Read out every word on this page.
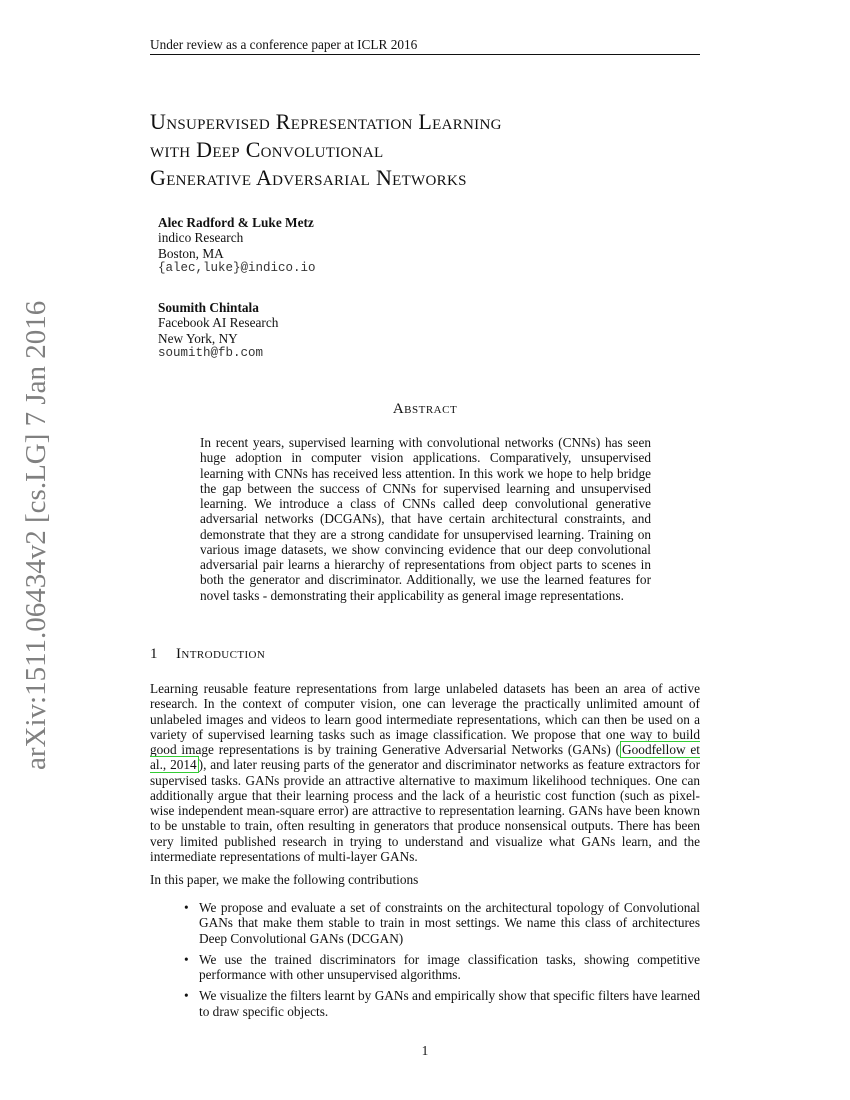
Under review as a conference paper at ICLR 2016
arXiv:1511.06434v2 [cs.LG] 7 Jan 2016
Unsupervised Representation Learning
with Deep Convolutional
Generative Adversarial Networks
Alec Radford & Luke Metz
indico Research
Boston, MA
{alec,luke}@indico.io
Soumith Chintala
Facebook AI Research
New York, NY
soumith@fb.com
Abstract
In recent years, supervised learning with convolutional networks (CNNs) has seen huge adoption in computer vision applications. Comparatively, unsupervised learning with CNNs has received less attention. In this work we hope to help bridge the gap between the success of CNNs for supervised learning and unsupervised learning. We introduce a class of CNNs called deep convolutional generative adversarial networks (DCGANs), that have certain architectural constraints, and demonstrate that they are a strong candidate for unsupervised learning. Training on various image datasets, we show convincing evidence that our deep convolutional adversarial pair learns a hierarchy of representations from object parts to scenes in both the generator and discriminator. Additionally, we use the learned features for novel tasks - demonstrating their applicability as general image representations.
1 Introduction
Learning reusable feature representations from large unlabeled datasets has been an area of active research. In the context of computer vision, one can leverage the practically unlimited amount of unlabeled images and videos to learn good intermediate representations, which can then be used on a variety of supervised learning tasks such as image classification. We propose that one way to build good image representations is by training Generative Adversarial Networks (GANs) ( Goodfellow et al., 2014 ), and later reusing parts of the generator and discriminator networks as feature extractors for supervised tasks. GANs provide an attractive alternative to maximum likelihood techniques. One can additionally argue that their learning process and the lack of a heuristic cost function (such as pixel-wise independent mean-square error) are attractive to representation learning. GANs have been known to be unstable to train, often resulting in generators that produce nonsensical outputs. There has been very limited published research in trying to understand and visualize what GANs learn, and the intermediate representations of multi-layer GANs.
In this paper, we make the following contributions
• We propose and evaluate a set of constraints on the architectural topology of Convolutional GANs that make them stable to train in most settings. We name this class of architectures Deep Convolutional GANs (DCGAN)
• We use the trained discriminators for image classification tasks, showing competitive performance with other unsupervised algorithms.
• We visualize the filters learnt by GANs and empirically show that specific filters have learned to draw specific objects.
1
